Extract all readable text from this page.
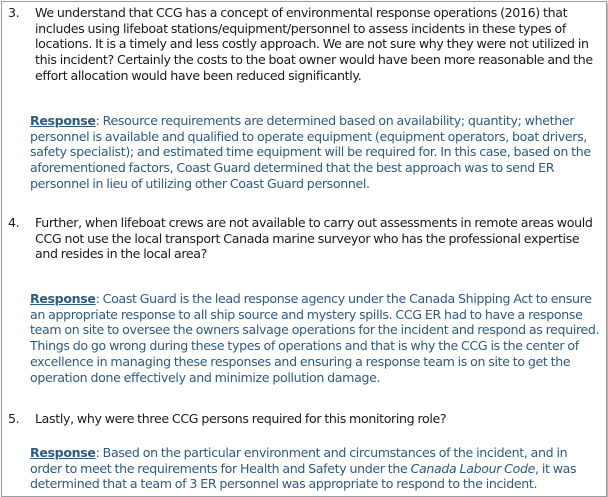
3. We understand that CCG has a concept of environmental response operations (2016) that includes using lifeboat stations/equipment/personnel to assess incidents in these types of locations. It is a timely and less costly approach. We are not sure why they were not utilized in this incident? Certainly the costs to the boat owner would have been more reasonable and the effort allocation would have been reduced significantly.
Response: Resource requirements are determined based on availability; quantity; whether personnel is available and qualified to operate equipment (equipment operators, boat drivers, safety specialist); and estimated time equipment will be required for. In this case, based on the aforementioned factors, Coast Guard determined that the best approach was to send ER personnel in lieu of utilizing other Coast Guard personnel.
4. Further, when lifeboat crews are not available to carry out assessments in remote areas would CCG not use the local transport Canada marine surveyor who has the professional expertise and resides in the local area?
Response: Coast Guard is the lead response agency under the Canada Shipping Act to ensure an appropriate response to all ship source and mystery spills. CCG ER had to have a response team on site to oversee the owners salvage operations for the incident and respond as required. Things do go wrong during these types of operations and that is why the CCG is the center of excellence in managing these responses and ensuring a response team is on site to get the operation done effectively and minimize pollution damage.
5. Lastly, why were three CCG persons required for this monitoring role?
Response: Based on the particular environment and circumstances of the incident, and in order to meet the requirements for Health and Safety under the Canada Labour Code, it was determined that a team of 3 ER personnel was appropriate to respond to the incident.
